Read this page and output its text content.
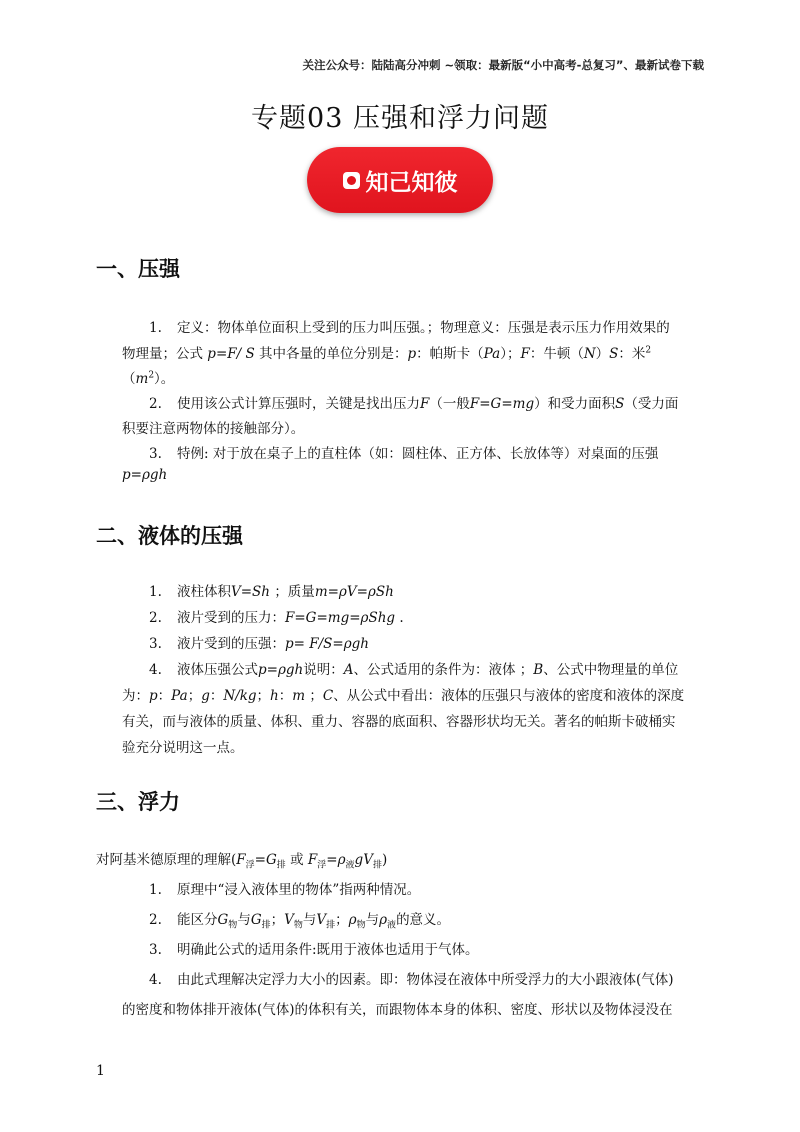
关注公众号：陆陆高分冲刺 ~领取：最新版“小中高考-总复习”、最新试卷下载
专题03 压强和浮力问题
知己知彼
一、压强
1. 定义：物体单位面积上受到的压力叫压强。；物理意义：压强是表示压力作用效果的
物理量；公式 p=F/ S 其中各量的单位分别是：p：帕斯卡（Pa）；F：牛顿（N）S：米$^2$
$(m^2)$。
2. 使用该公式计算压强时，关键是找出压力F（一般F=G=mg）和受力面积S（受力面
积要注意两物体的接触部分）。
3. 特例: 对于放在桌子上的直柱体（如：圆柱体、正方体、长放体等）对桌面的压强
p=ρgh
二、液体的压强
1. 液柱体积V=Sh ；质量m=ρV=ρSh
2. 液片受到的压力：F=G=mg=ρShg .
3. 液片受到的压强：p= F/S=ρgh
4. 液体压强公式p=ρgh说明：A、公式适用的条件为：液体 ；B、公式中物理量的单位
为：p：Pa；g：N/kg；h：m ；C、从公式中看出：液体的压强只与液体的密度和液体的深度
有关，而与液体的质量、体积、重力、容器的底面积、容器形状均无关。著名的帕斯卡破桶实
验充分说明这一点。
三、浮力
对阿基米德原理的理解($F_浮=G_排$ 或 $F_浮=\rho_液gV_排$)
1. 原理中“浸入液体里的物体”指两种情况。
2. 能区分$G_物$与$G_排$；$V_物$与$V_排$；$\rho_物$与$\rho_液$的意义。
3. 明确此公式的适用条件:既用于液体也适用于气体。
4. 由此式理解决定浮力大小的因素。即：物体浸在液体中所受浮力的大小跟液体(气体)
的密度和物体排开液体(气体)的体积有关，而跟物体本身的体积、密度、形状以及物体浸没在
1
